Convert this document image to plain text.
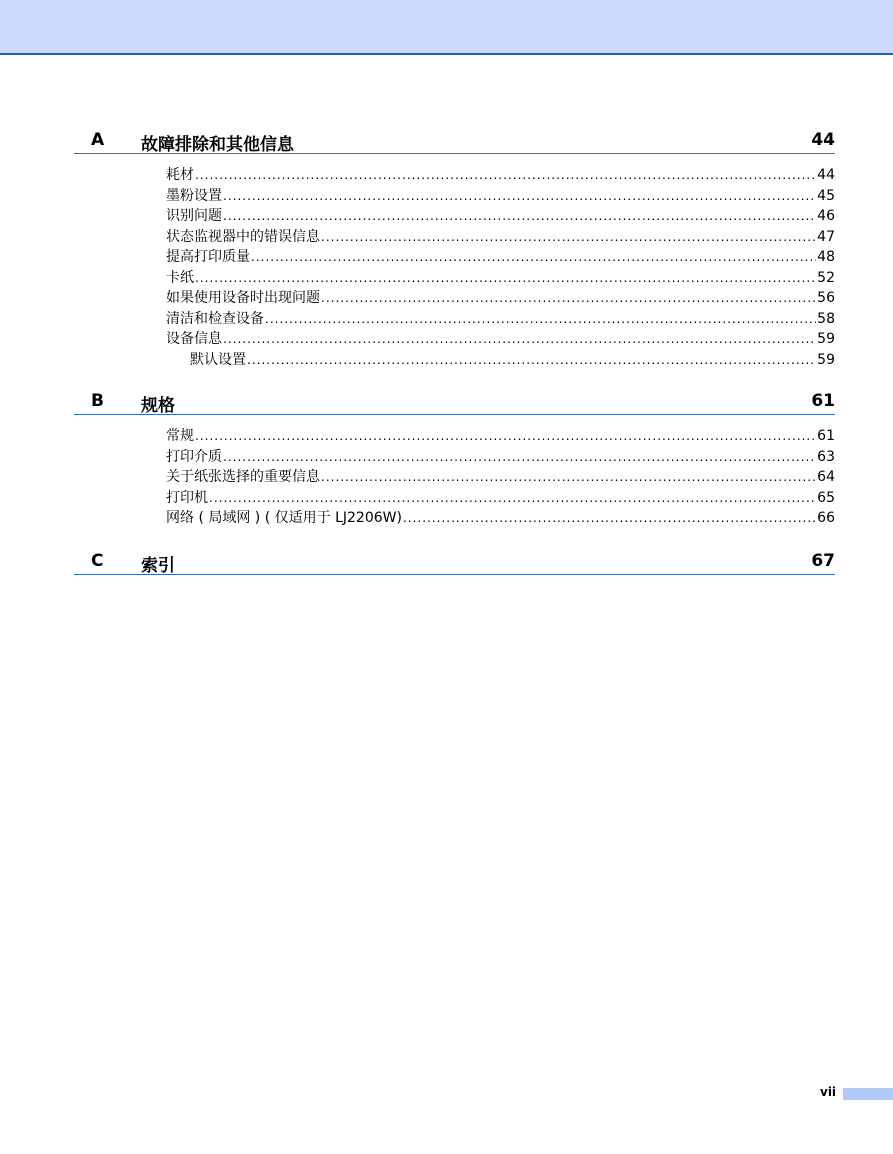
A 故障排除和其他信息	44
耗材 .....	44
墨粉设置 .....	45
识别问题 .....	46
状态监视器中的错误信息 .....	47
提高打印质量 .....	48
卡纸 .....	52
如果使用设备时出现问题 .....	56
清洁和检查设备 .....	58
设备信息 .....	59
默认设置 .....	59
B 规格	61
常规 .....	61
打印介质 .....	63
关于纸张选择的重要信息 .....	64
打印机 .....	65
网络 ( 局域网 ) ( 仅适用于 LJ2206W) .....	66
C 索引	67
vii
